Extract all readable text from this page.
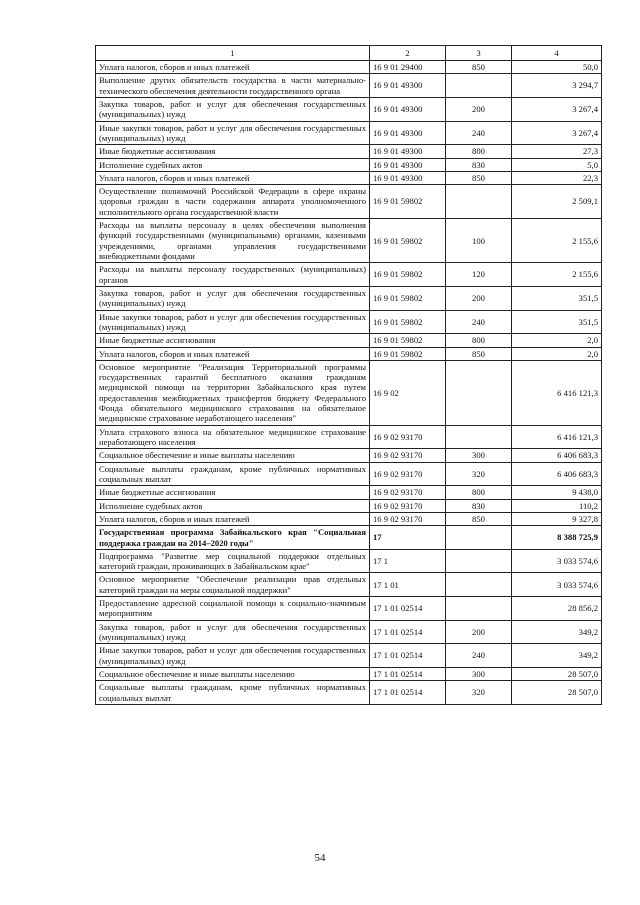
1	2	3	4
Уплата налогов, сборов и иных платежей	16 9 01 29400	850	50,0
Выполнение других обязательств государства в части материально-технического обеспечения деятельности государственного органа	16 9 01 49300		3 294,7
Закупка товаров, работ и услуг для обеспечения государственных (муниципальных) нужд	16 9 01 49300	200	3 267,4
Иные закупки товаров, работ и услуг для обеспечения государственных (муниципальных) нужд	16 9 01 49300	240	3 267,4
Иные бюджетные ассигнования	16 9 01 49300	800	27,3
Исполнение судебных актов	16 9 01 49300	830	5,0
Уплата налогов, сборов и иных платежей	16 9 01 49300	850	22,3
Осуществление полномочий Российской Федерации в сфере охраны здоровья граждан в части содержания аппарата уполномоченного исполнительного органа государственной власти	16 9 01 59802		2 509,1
Расходы на выплаты персоналу в целях обеспечения выполнения функций государственными (муниципальными) органами, казенными учреждениями, органами управления государственными внебюджетными фондами	16 9 01 59802	100	2 155,6
Расходы на выплаты персоналу государственных (муниципальных) органов	16 9 01 59802	120	2 155,6
Закупка товаров, работ и услуг для обеспечения государственных (муниципальных) нужд	16 9 01 59802	200	351,5
Иные закупки товаров, работ и услуг для обеспечения государственных (муниципальных) нужд	16 9 01 59802	240	351,5
Иные бюджетные ассигнования	16 9 01 59802	800	2,0
Уплата налогов, сборов и иных платежей	16 9 01 59802	850	2,0
Основное мероприятие "Реализация Территориальной программы государственных гарантий бесплатного оказания гражданам медицинской помощи на территории Забайкальского края путем предоставления межбюджетных трансфертов бюджету Федерального Фонда обязательного медицинского страхования на обязательное медицинское страхование неработающего населения"	16 9 02		6 416 121,3
Уплата страхового взноса на обязательное медицинское страхование неработающего населения	16 9 02 93170		6 416 121,3
Социальное обеспечение и иные выплаты населению	16 9 02 93170	300	6 406 683,3
Социальные выплаты гражданам, кроме публичных нормативных социальных выплат	16 9 02 93170	320	6 406 683,3
Иные бюджетные ассигнования	16 9 02 93170	800	9 438,0
Исполнение судебных актов	16 9 02 93170	830	110,2
Уплата налогов, сборов и иных платежей	16 9 02 93170	850	9 327,8
Государственная программа Забайкальского края "Социальная поддержка граждан на 2014–2020 годы"	17		8 388 725,9
Подпрограмма "Развитие мер социальной поддержки отдельных категорий граждан, проживающих в Забайкальском крае"	17 1		3 033 574,6
Основное мероприятие "Обеспечение реализации прав отдельных категорий граждан на меры социальной поддержки"	17 1 01		3 033 574,6
Предоставление адресной социальной помощи к социально-значимым мероприятиям	17 1 01 02514		28 856,2
Закупка товаров, работ и услуг для обеспечения государственных (муниципальных) нужд	17 1 01 02514	200	349,2
Иные закупки товаров, работ и услуг для обеспечения государственных (муниципальных) нужд	17 1 01 02514	240	349,2
Социальное обеспечение и иные выплаты населению	17 1 01 02514	300	28 507,0
Социальные выплаты гражданам, кроме публичных нормативных социальных выплат	17 1 01 02514	320	28 507,0
54
